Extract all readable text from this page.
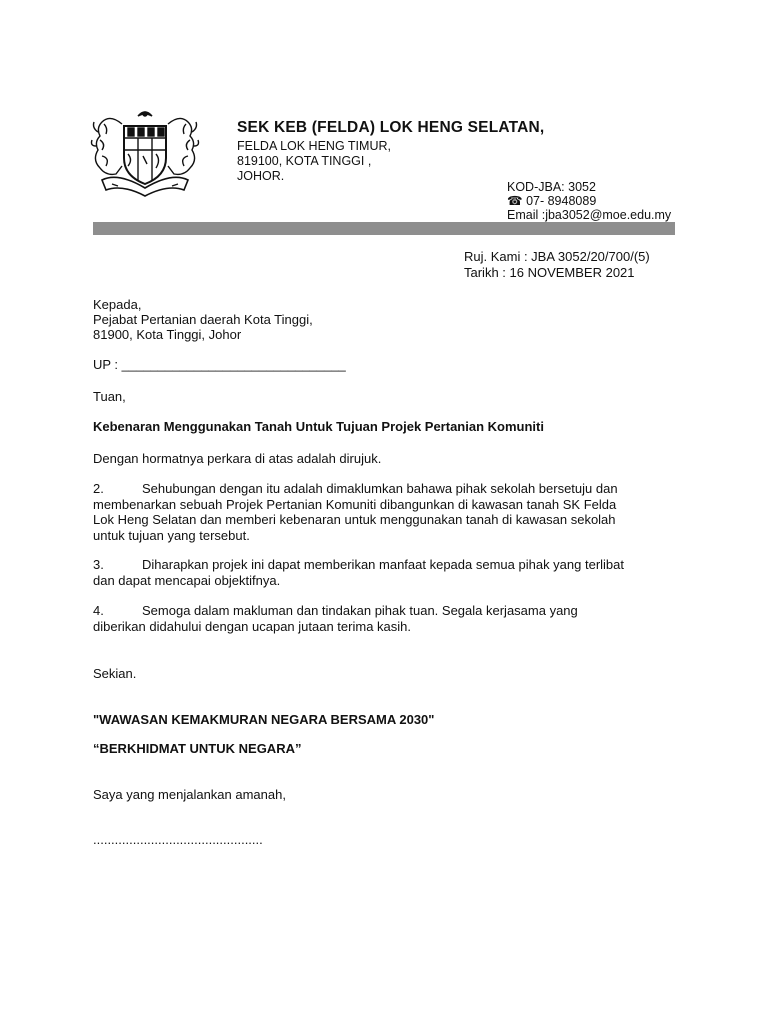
SEK KEB (FELDA) LOK HENG SELATAN,
FELDA LOK HENG TIMUR,
819100, KOTA TINGGI ,
JOHOR.
KOD-JBA: 3052
☎ 07- 8948089
Email :jba3052@moe.edu.my
Ruj. Kami : JBA 3052/20/700/(5)
Tarikh : 16 NOVEMBER 2021
Kepada,
Pejabat Pertanian daerah Kota Tinggi,
81900, Kota Tinggi, Johor
UP : _______________________________
Tuan,
Kebenaran Menggunakan Tanah Untuk Tujuan Projek Pertanian Komuniti
Dengan hormatnya perkara di atas adalah dirujuk.
2.	Sehubungan dengan itu adalah dimaklumkan bahawa pihak sekolah bersetuju dan
membenarkan sebuah Projek Pertanian Komuniti dibangunkan di kawasan tanah SK Felda
Lok Heng Selatan dan memberi kebenaran untuk menggunakan tanah di kawasan sekolah
untuk tujuan yang tersebut.
3.	Diharapkan projek ini dapat memberikan manfaat kepada semua pihak yang terlibat
dan dapat mencapai objektifnya.
4.	Semoga dalam makluman dan tindakan pihak tuan. Segala kerjasama yang
diberikan didahului dengan ucapan jutaan terima kasih.
Sekian.
"WAWASAN KEMAKMURAN NEGARA BERSAMA 2030"
“BERKHIDMAT UNTUK NEGARA”
Saya yang menjalankan amanah,
...............................................
